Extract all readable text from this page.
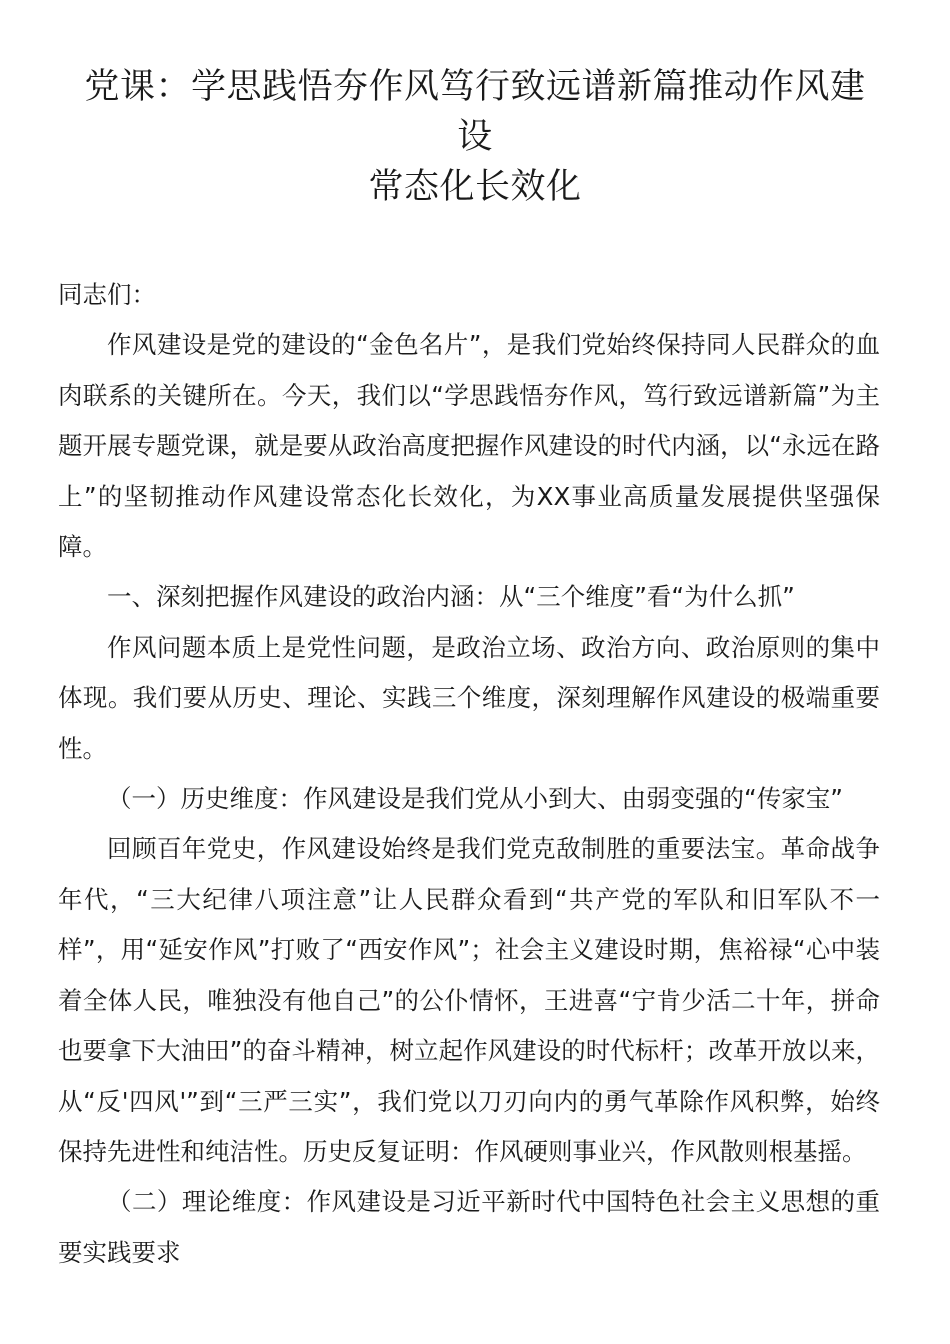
党课：学思践悟夯作风笃行致远谱新篇推动作风建设
常态化长效化

同志们：

作风建设是党的建设的“金色名片”，是我们党始终保持同人民群众的血肉联系的关键所在。今天，我们以“学思践悟夯作风，笃行致远谱新篇”为主题开展专题党课，就是要从政治高度把握作风建设的时代内涵，以“永远在路上”的坚韧推动作风建设常态化长效化，为XX事业高质量发展提供坚强保障。

一、深刻把握作风建设的政治内涵：从“三个维度”看“为什么抓”

作风问题本质上是党性问题，是政治立场、政治方向、政治原则的集中体现。我们要从历史、理论、实践三个维度，深刻理解作风建设的极端重要性。

（一）历史维度：作风建设是我们党从小到大、由弱变强的“传家宝”

回顾百年党史，作风建设始终是我们党克敌制胜的重要法宝。革命战争年代，“三大纪律八项注意”让人民群众看到“共产党的军队和旧军队不一样”，用“延安作风”打败了“西安作风”；社会主义建设时期，焦裕禄“心中装着全体人民，唯独没有他自己”的公仆情怀，王进喜“宁肯少活二十年，拼命也要拿下大油田”的奋斗精神，树立起作风建设的时代标杆；改革开放以来，从“反'四风'”到“三严三实”，我们党以刀刃向内的勇气革除作风积弊，始终保持先进性和纯洁性。历史反复证明：作风硬则事业兴，作风散则根基摇。

（二）理论维度：作风建设是习近平新时代中国特色社会主义思想的重要实践要求
